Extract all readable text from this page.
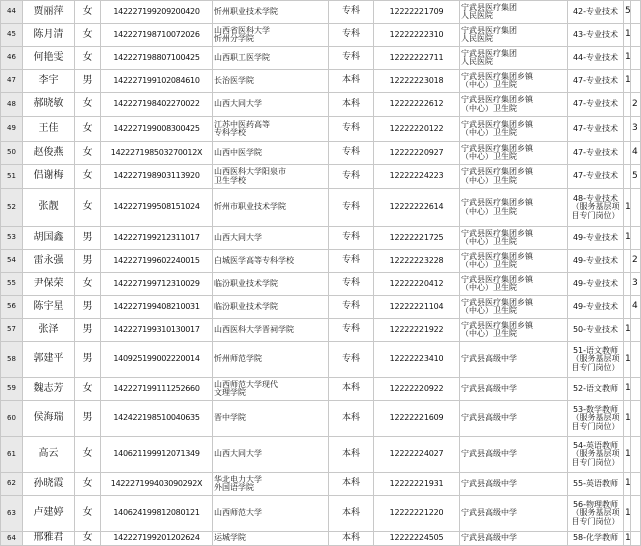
44	贾丽萍	女	142227199209200420	忻州职业技术学院	专科	12222221709	宁武县医疗集团
人民医院	42-专业技术	5	
45	陈月清	女	142227198710072026	山西省医科大学
忻州分学院	专科	12222222310	宁武县医疗集团
人民医院	43-专业技术	1	
46	何艳雯	女	142227198807100425	山西职工医学院	专科	12222222711	宁武县医疗集团
人民医院	44-专业技术	1	
47	李宇	男	142227199102084610	长治医学院	本科	12222223018	宁武县医疗集团乡镇
（中心）卫生院	47-专业技术	1	
48	郝晓敏	女	142227198402270022	山西大同大学	本科	12222222612	宁武县医疗集团乡镇
（中心）卫生院	47-专业技术		2
49	王佳	女	142227199008300425	江苏中医药高等
专科学校	专科	12222220122	宁武县医疗集团乡镇
（中心）卫生院	47-专业技术		3
50	赵俊燕	女	142227198503270012X	山西中医学院	专科	12222220927	宁武县医疗集团乡镇
（中心）卫生院	47-专业技术		4
51	侣谢梅	女	142227198903113920	山西医科大学阳泉市
卫生学校	专科	12222224223	宁武县医疗集团乡镇
（中心）卫生院	47-专业技术		5
52	张靓	女	142227199508151024	忻州市职业技术学院	专科	12222222614	宁武县医疗集团乡镇
（中心）卫生院	48-专业技术
（服务基层项
目专门岗位）	1	
53	胡国鑫	男	142227199212311017	山西大同大学	专科	12222221725	宁武县医疗集团乡镇
（中心）卫生院	49-专业技术	1	
54	雷永强	男	142227199602240015	白城医学高等专科学校	专科	12222223228	宁武县医疗集团乡镇
（中心）卫生院	49-专业技术		2
55	尹保荣	女	142227199712310029	临汾职业技术学院	专科	12222220412	宁武县医疗集团乡镇
（中心）卫生院	49-专业技术		3
56	陈宇星	男	142227199408210031	临汾职业技术学院	专科	12222221104	宁武县医疗集团乡镇
（中心）卫生院	49-专业技术		4
57	张泽	男	142227199310130017	山西医科大学晋祠学院	专科	12222221922	宁武县医疗集团乡镇
（中心）卫生院	50-专业技术	1	
58	郭建平	男	140925199002220014	忻州师范学院	专科	12222223410	宁武县高级中学	51-语文教师
（服务基层项
目专门岗位）	1	
59	魏志芳	女	142227199111252660	山西师范大学现代
文理学院	本科	12222220922	宁武县高级中学	52-语文教师	1	
60	侯海瑞	男	142422198510040635	晋中学院	本科	12222221609	宁武县高级中学	53-数学教师
（服务基层项
目专门岗位）	1	
61	高云	女	140621199912071349	山西大同大学	本科	12222224027	宁武县高级中学	54-英语教师
（服务基层项
目专门岗位）	1	
62	孙晓霞	女	142227199403090292X	华北电力大学
外国语学院	本科	12222221931	宁武县高级中学	55-英语教师	1	
63	卢建婷	女	140624199812080121	山西师范大学	本科	12222221220	宁武县高级中学	56-物理教师
（服务基层项
目专门岗位）	1	
64	邢雅君	女	142227199201202624	运城学院	本科	12222224505	宁武县高级中学	58-化学教师	1	
